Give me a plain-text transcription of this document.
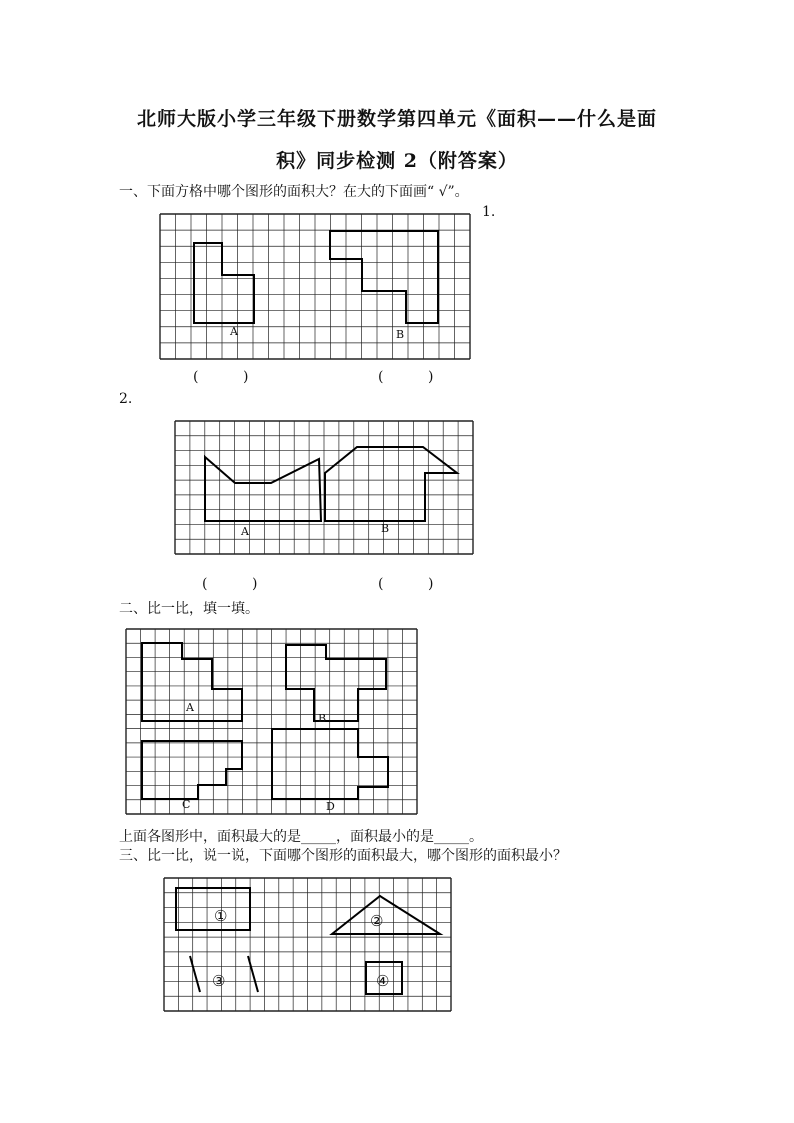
北师大版小学三年级下册数学第四单元《面积——什么是面
积》同步检测 2（附答案）
一、下面方格中哪个图形的面积大？在大的下面画“ √”。
1.
A	B
(          )	(          )
2.
A	B
(          )	(          )
二、比一比，填一填。
A
B
C	D
上面各图形中，面积最大的是_____，面积最小的是_____。
三、比一比，说一说，下面哪个图形的面积最大，哪个图形的面积最小？
①	②
③	④
